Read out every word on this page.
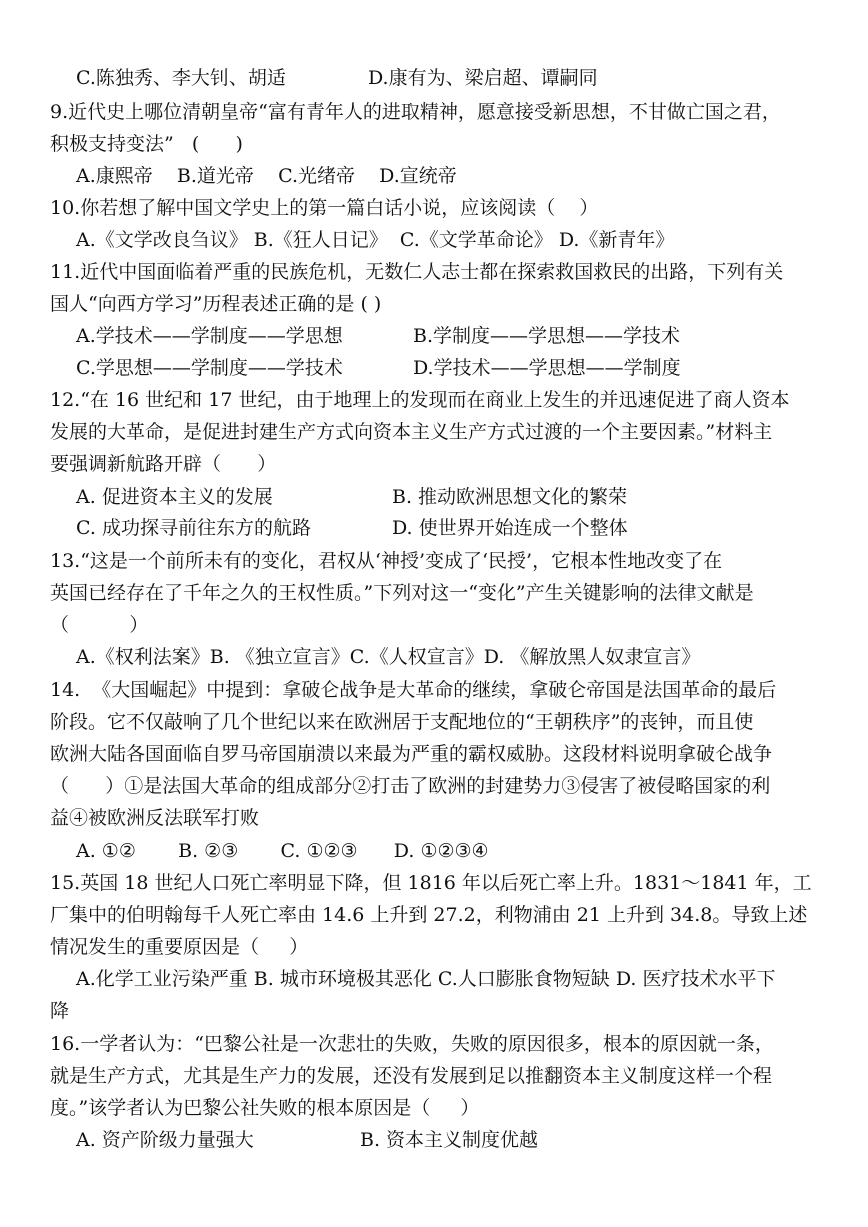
C.陈独秀、李大钊、胡适	D.康有为、梁启超、谭嗣同
9.近代史上哪位清朝皇帝“富有青年人的进取精神，愿意接受新思想，不甘做亡国之君，
积极支持变法”   (      )
A.康熙帝    B.道光帝    C.光绪帝    D.宣统帝
10.你若想了解中国文学史上的第一篇白话小说，应该阅读（    ）
A.《文学改良刍议》 B.《狂人日记》  C.《文学革命论》 D.《新青年》
11.近代中国面临着严重的民族危机，无数仁人志士都在探索救国救民的出路，下列有关
国人“向西方学习”历程表述正确的是 ( )
A.学技术——学制度——学思想	B.学制度——学思想——学技术
C.学思想——学制度——学技术	D.学技术——学思想——学制度
12.“在 16 世纪和 17 世纪，由于地理上的发现而在商业上发生的并迅速促进了商人资本
发展的大革命，是促进封建生产方式向资本主义生产方式过渡的一个主要因素。”材料主
要强调新航路开辟（      ）
A. 促进资本主义的发展	B. 推动欧洲思想文化的繁荣
C. 成功探寻前往东方的航路	D. 使世界开始连成一个整体
13.“这是一个前所未有的变化，君权从‘神授’变成了‘民授’，它根本性地改变了在
英国已经存在了千年之久的王权性质。”下列对这一“变化”产生关键影响的法律文献是
（          ）
A.《权利法案》B. 《独立宣言》C.《人权宣言》D. 《解放黑人奴隶宣言》
14.  《大国崛起》中提到：拿破仑战争是大革命的继续，拿破仑帝国是法国革命的最后
阶段。它不仅敲响了几个世纪以来在欧洲居于支配地位的“王朝秩序”的丧钟，而且使
欧洲大陆各国面临自罗马帝国崩溃以来最为严重的霸权威胁。这段材料说明拿破仑战争
（      ）①是法国大革命的组成部分②打击了欧洲的封建势力③侵害了被侵略国家的利
益④被欧洲反法联军打败
A. ①②       B. ②③       C. ①②③      D. ①②③④
15.英国 18 世纪人口死亡率明显下降，但 1816 年以后死亡率上升。1831～1841 年，工
厂集中的伯明翰每千人死亡率由 14.6 上升到 27.2，利物浦由 21 上升到 34.8。导致上述
情况发生的重要原因是（     ）
A.化学工业污染严重 B. 城市环境极其恶化 C.人口膨胀食物短缺 D. 医疗技术水平下
降
16.一学者认为：“巴黎公社是一次悲壮的失败，失败的原因很多，根本的原因就一条，
就是生产方式，尤其是生产力的发展，还没有发展到足以推翻资本主义制度这样一个程
度。”该学者认为巴黎公社失败的根本原因是（     ）
A. 资产阶级力量强大	B. 资本主义制度优越
